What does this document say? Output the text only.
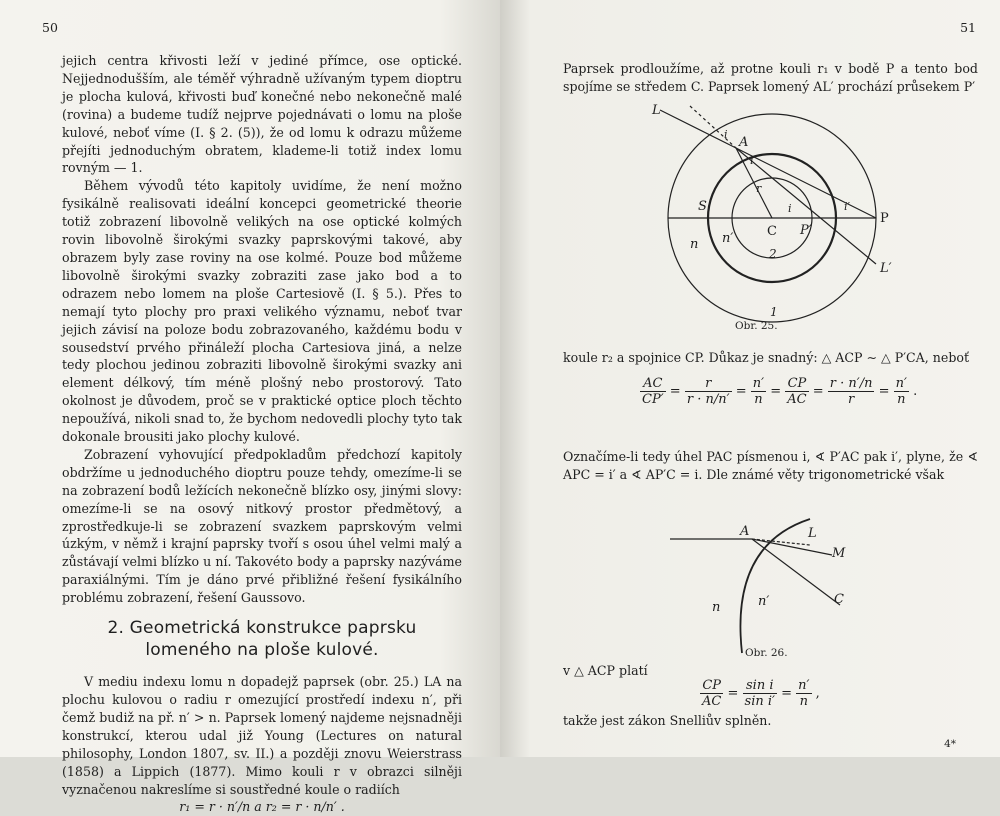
50

jejich centra křivosti leží v jediné přímce, ose optické. Nejjednodušším, ale téměř výhradně užívaným typem dioptru je plocha kulová, křivosti buď konečné nebo nekonečně malé (rovina) a budeme tudíž nejprve pojednávati o lomu na ploše kulové, neboť víme (I. § 2. (5)), že od lomu k odrazu můžeme přejíti jednoduchým obratem, klademe-li totiž index lomu rovným — 1.

Během vývodů této kapitoly uvidíme, že není možno fysikálně realisovati ideální koncepci geometrické theorie totiž zobrazení libovolně velikých na ose optické kolmých rovin libovolně širokými svazky paprskovými takové, aby obrazem byly zase roviny na ose kolmé. Pouze bod můžeme libovolně širokými svazky zobraziti zase jako bod a to odrazem nebo lomem na ploše Cartesiově (I. § 5.). Přes to nemají tyto plochy pro praxi velikého významu, neboť tvar jejich závisí na poloze bodu zobrazovaného, každému bodu v sousedství prvého přináleží plocha Cartesiova jiná, a nelze tedy plochou jedinou zobraziti libovolně širokými svazky ani element délkový, tím méně plošný nebo prostorový. Tato okolnost je důvodem, proč se v praktické optice ploch těchto nepoužívá, nikoli snad to, že bychom nedovedli plochy tyto tak dokonale brousiti jako plochy kulové.

Zobrazení vyhovující předpokladům předchozí kapitoly obdržíme u jednoduchého dioptru pouze tehdy, omezíme-li se na zobrazení bodů ležících nekonečně blízko osy, jinými slovy: omezíme-li se na osový nitkový prostor předmětový, a zprostředkuje-li se zobrazení svazkem paprskovým velmi úzkým, v němž i krajní paprsky tvoří s osou úhel velmi malý a zůstávají velmi blízko u ní. Takovéto body a paprsky nazýváme paraxiálnými. Tím je dáno prvé přibližné řešení fysikálního problému zobrazení, řešení Gaussovo.

2. Geometrická konstrukce paprsku lomeného na ploše kulové.

V mediu indexu lomu n dopadejž paprsek (obr. 25.) LA na plochu kulovou o radiu r omezující prostředí indexu n′, při čemž budiž na př. n′ > n. Paprsek lomený najdeme nejsnadněji konstrukcí, kterou udal již Young (Lectures on natural philosophy, London 1807, sv. II.) a později znovu Weierstrass (1858) a Lippich (1877). Mimo kouli r v obrazci silněji vyznačenou nakreslíme si soustředné koule o radiích

r₁ = r · n′/n a r₂ = r · n/n′ .
51

Paprsek prodloužíme, až protne kouli r₁ v bodě P a tento bod spojíme se středem C. Paprsek lomený AL′ prochází průsekem P′

L
A
i
i
r
S
C
i
P′
i′
P
n n′
2
L′
1
Obr. 25.

koule r₂ a spojnice CP. Důkaz je snadný: △ ACP ∼ △ P′CA, neboť

$\frac{AC}{CP'} = \frac{r}{r \cdot n/n'} = \frac{n'}{n} = \frac{CP}{AC} = \frac{r \cdot n'/n}{r} = \frac{n'}{n}$ .

Označíme-li tedy úhel PAC písmenou i, ∢ P′AC pak i′, plyne, že ∢ APC = i′ a ∢ AP′C = i. Dle známé věty trigonometrické však

A	L
M
C
n	n′
Obr. 26.

v △ ACP platí

$\frac{CP}{AC} = \frac{\text{sin i}}{\text{sin i′}} = \frac{n'}{n}$ ,

takže jest zákon Snelliův splněn.

4*
